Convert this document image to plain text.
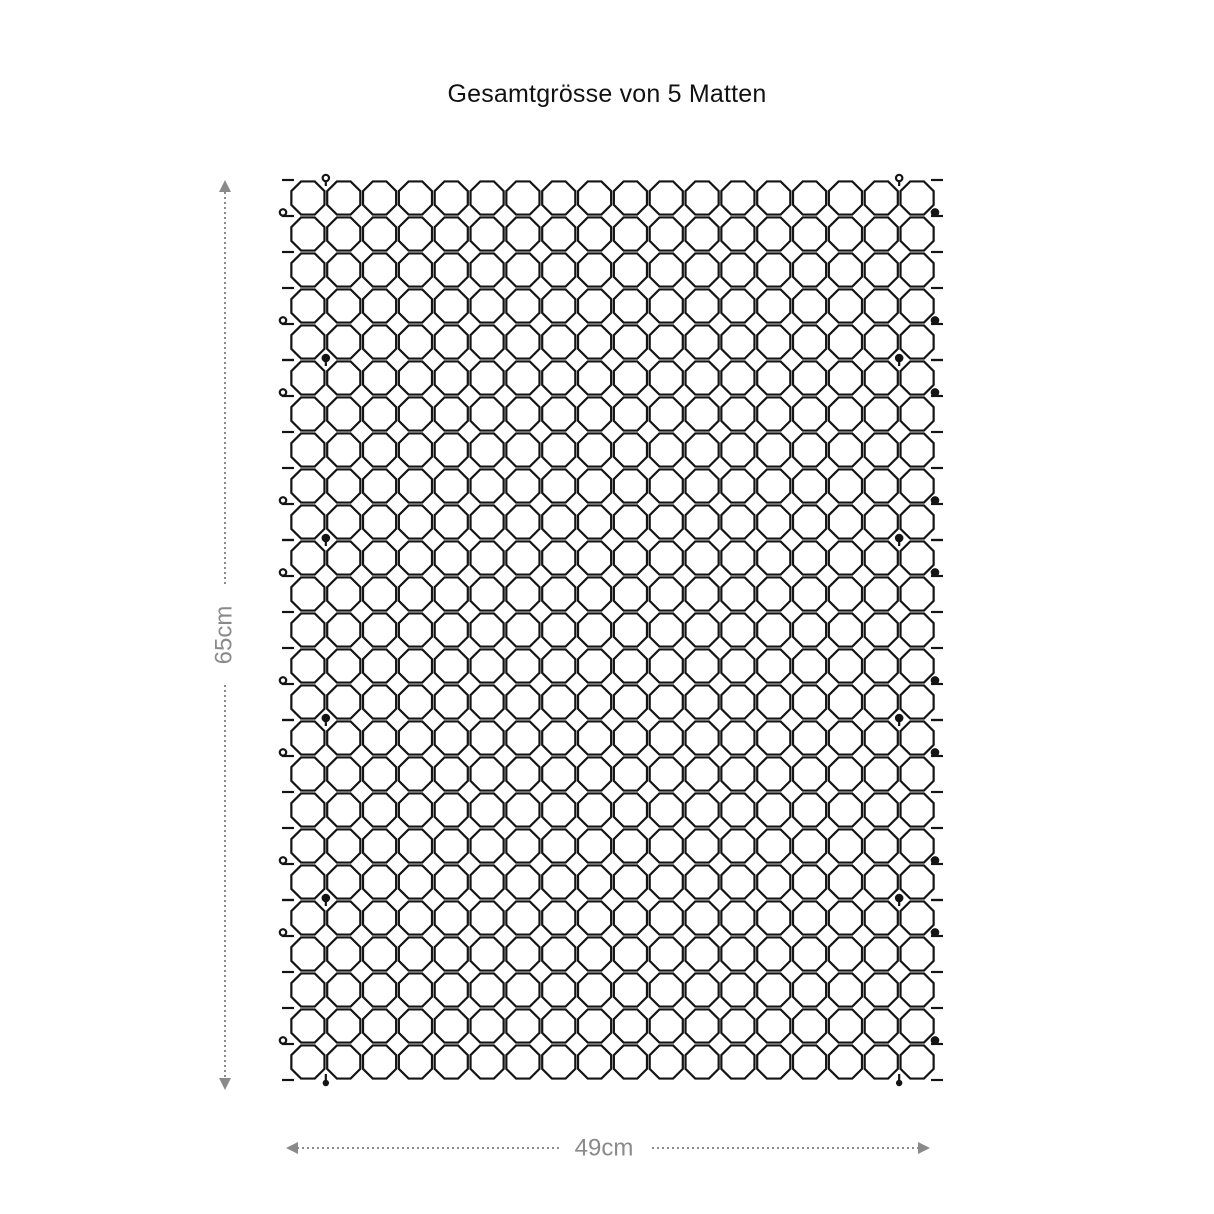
Gesamtgrösse von 5 Matten
65cm
49cm
